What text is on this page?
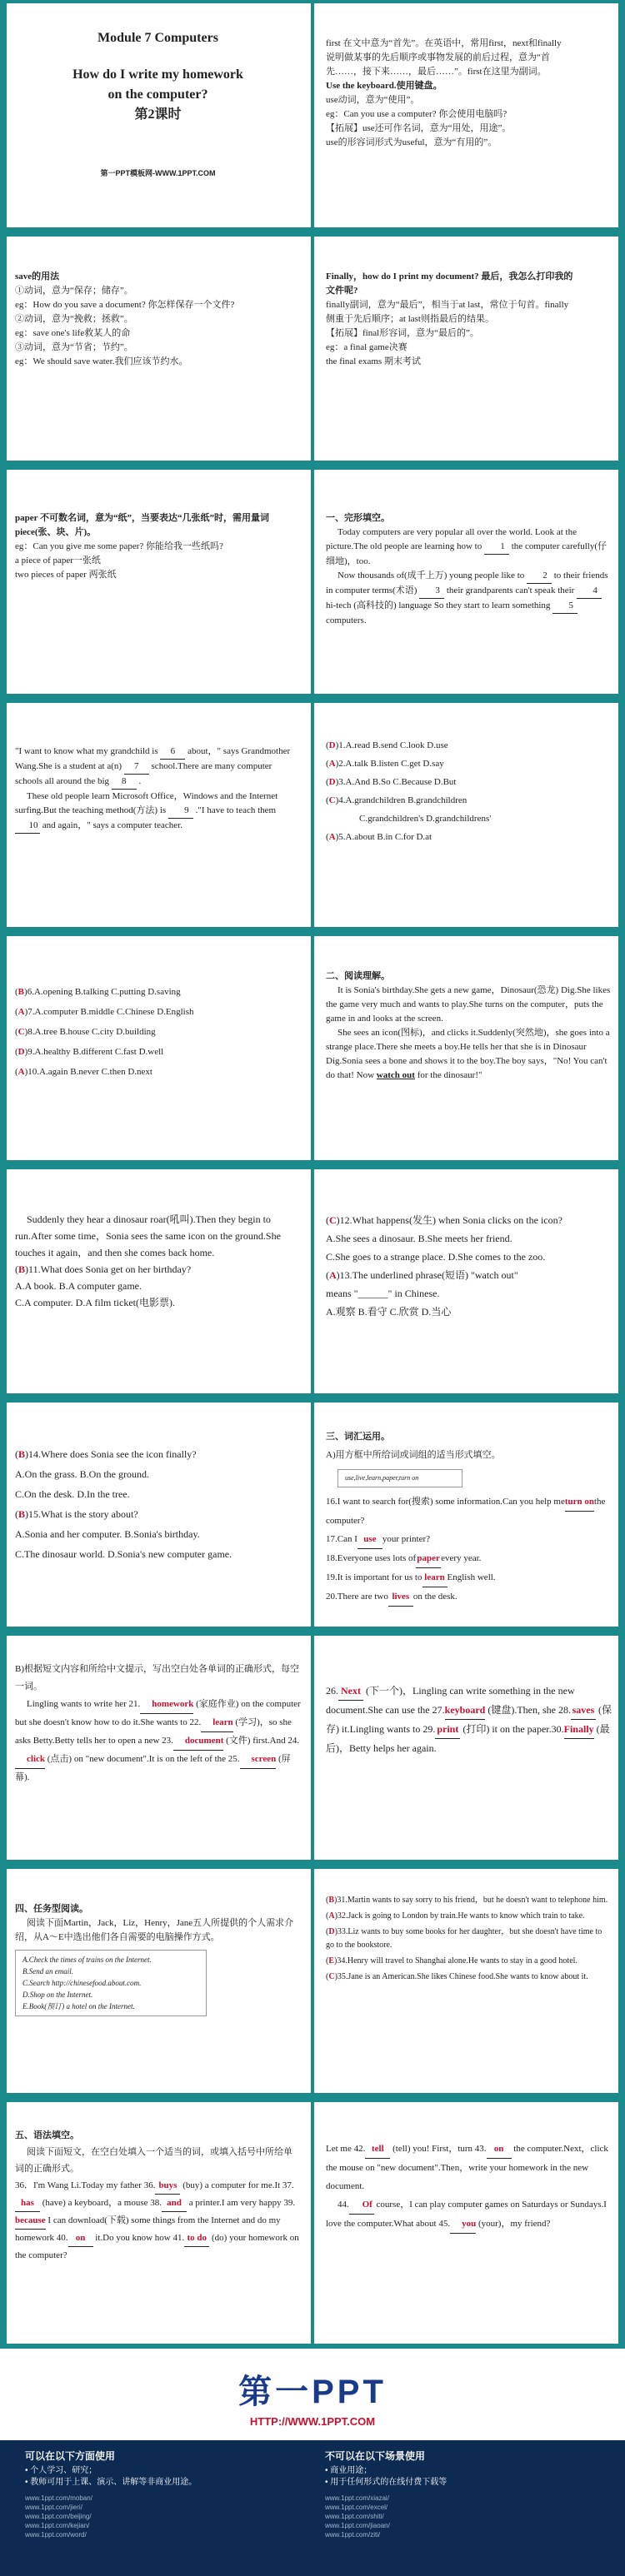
Module 7 Computers
How do I write my homework
on the computer?
第2课时
第一PPT模板网-WWW.1PPT.COM
first 在文中意为“首先”。在英语中，常用first，next和finally
说明做某事的先后顺序或事物发展的前后过程，意为“首
先……，接下来……，最后……”。first在这里为副词。
Use the keyboard.使用键盘。
use动词，意为“使用”。
eg：Can you use a computer? 你会使用电脑吗?
【拓展】use还可作名词，意为“用处，用途”。
use的形容词形式为useful，意为“有用的”。
save的用法
①动词，意为“保存；储存”。
eg：How do you save a document? 你怎样保存一个文件?
②动词，意为“挽救；拯救”。
eg：save one's life救某人的命
③动词，意为“节省；节约”。
eg：We should save water.我们应该节约水。
Finally，how do I print my document? 最后，我怎么打印我的
文件呢?
finally副词，意为“最后”，相当于at last，常位于句首。finally
侧重于先后顺序；at last则指最后的结果。
【拓展】final形容词，意为“最后的”。
eg：a final game决赛
the final exams 期末考试
paper 不可数名词，意为“纸”，当要表达“几张纸”时，需用量词
piece(张、块、片)。
eg：Can you give me some paper? 你能给我一些纸吗?
a piece of paper一张纸
two pieces of paper 两张纸
一、完形填空。
Today computers are very popular all over the world. Look at the picture.The old people are learning how to 1 the computer carefully(仔细地)，too.
Now thousands of(成千上万) young people like to 2 to their friends in computer terms(术语) 3 their grandparents can't speak their 4 hi-tech (高科技的) language So they start to learn something 5 computers.
"I want to know what my grandchild is 6 about，" says Grandmother Wang.She is a student at a(n) 7 school.There are many computer schools all around the big 8 .
These old people learn Microsoft Office，Windows and the Internet surfing.But the teaching method(方法) is 9 ."I have to teach them 10 and again，" says a computer teacher.
(D)1.A.read B.send C.look D.use
(A)2.A.talk B.listen C.get D.say
(D)3.A.And B.So C.Because D.But
(C)4.A.grandchildren B.grandchildren
C.grandchildren's D.grandchildrens'
(A)5.A.about B.in C.for D.at
(B)6.A.opening B.talking C.putting D.saving
(A)7.A.computer B.middle C.Chinese D.English
(C)8.A.tree B.house C.city D.building
(D)9.A.healthy B.different C.fast D.well
(A)10.A.again B.never C.then D.next
二、阅读理解。
It is Sonia's birthday.She gets a new game，Dinosaur(恐龙) Dig.She likes the game very much and wants to play.She turns on the computer，puts the game in and looks at the screen.
She sees an icon(图标)，and clicks it.Suddenly(突然地)，she goes into a strange place.There she meets a boy.He tells her that she is in Dinosaur Dig.Sonia sees a bone and shows it to the boy.The boy says，"No! You can't do that! Now watch out for the dinosaur!"
Suddenly they hear a dinosaur roar(吼叫).Then they begin to run.After some time，Sonia sees the same icon on the ground.She touches it again，and then she comes back home.
(B)11.What does Sonia get on her birthday?
A.A book. B.A computer game.
C.A computer. D.A film ticket(电影票).
(C)12.What happens(发生) when Sonia clicks on the icon?
A.She sees a dinosaur. B.She meets her friend.
C.She goes to a strange place. D.She comes to the zoo.
(A)13.The underlined phrase(短语) "watch out"
means "______" in Chinese.
A.观察 B.看守 C.欣赏 D.当心
(B)14.Where does Sonia see the icon finally?
A.On the grass. B.On the ground.
C.On the desk. D.In the tree.
(B)15.What is the story about?
A.Sonia and her computer. B.Sonia's birthday.
C.The dinosaur world. D.Sonia's new computer game.
三、词汇运用。
A)用方框中所给词或词组的适当形式填空。
use,live,learn,paper,turn on
16.I want to search for(搜索) some information.Can you help meturn onthe computer?
17.Can I use your printer?
18.Everyone uses lots ofpaperevery year.
19.It is important for us to learn English well.
20.There are two lives on the desk.
B)根据短文内容和所给中文提示，写出空白处各单词的正确形式，每空一词。
Lingling wants to write her 21. homework (家庭作业) on the computer but she doesn't know how to do it.She wants to 22. learn (学习)，so she asks Betty.Betty tells her to open a new 23. document (文件) first.And 24.click (点击) on "new document".It is on the left of the 25. screen (屏幕).
26. Next (下一个)，Lingling can write something in the new document.She can use the 27.keyboard (键盘).Then, she 28. saves (保存) it.Lingling wants to 29. print (打印) it on the paper.30.Finally (最后)，Betty helps her again.
四、任务型阅读。
阅读下面Martin，Jack，Liz，Henry，Jane五人所提供的个人需求介绍，从A～E中选出他们各自需要的电脑操作方式。
A.Check the times of trains on the Internet.
B.Send an email.
C.Search http://chinesefood.about.com.
D.Shop on the Internet.
E.Book(预订) a hotel on the Internet.
(B)31.Martin wants to say sorry to his friend，but he doesn't want to telephone him.
(A)32.Jack is going to London by train.He wants to know which train to take.
(D)33.Liz wants to buy some books for her daughter，but she doesn't have time to go to the bookstore.
(E)34.Henry will travel to Shanghai alone.He wants to stay in a good hotel.
(C)35.Jane is an American.She likes Chinese food.She wants to know about it.
五、语法填空。
阅读下面短文，在空白处填入一个适当的词，或填入括号中所给单词的正确形式。
36．I'm Wang Li.Today my father 36. buys (buy) a computer for me.It 37.has (have) a keyboard，a mouse 38. and a printer.I am very happy 39.because I can download(下载) some things from the Internet and do my homework 40. on it.Do you know how 41. to do (do) your homework on the computer?
Let me 42. tell (tell) you! First，turn 43. on the computer.Next，click the mouse on "new document".Then，write your homework in the new document.
44. Of course，I can play computer games on Saturdays or Sundays.I love the computer.What about 45. you (your)，my friend?
第一PPT
HTTP://WWW.1PPT.COM
可以在以下方面使用
• 个人学习、研究；
• 教师可用于上课、演示、讲解等非商业用途。
www.1ppt.com/moban/
www.1ppt.com/jieri/
www.1ppt.com/beijing/
www.1ppt.com/kejian/
www.1ppt.com/word/
不可以在以下场景使用
• 商业用途；
• 用于任何形式的在线付费下载等
www.1ppt.com/xiazai/
www.1ppt.com/excel/
www.1ppt.com/shiti/
www.1ppt.com/jiaoan/
www.1ppt.com/ziti/
